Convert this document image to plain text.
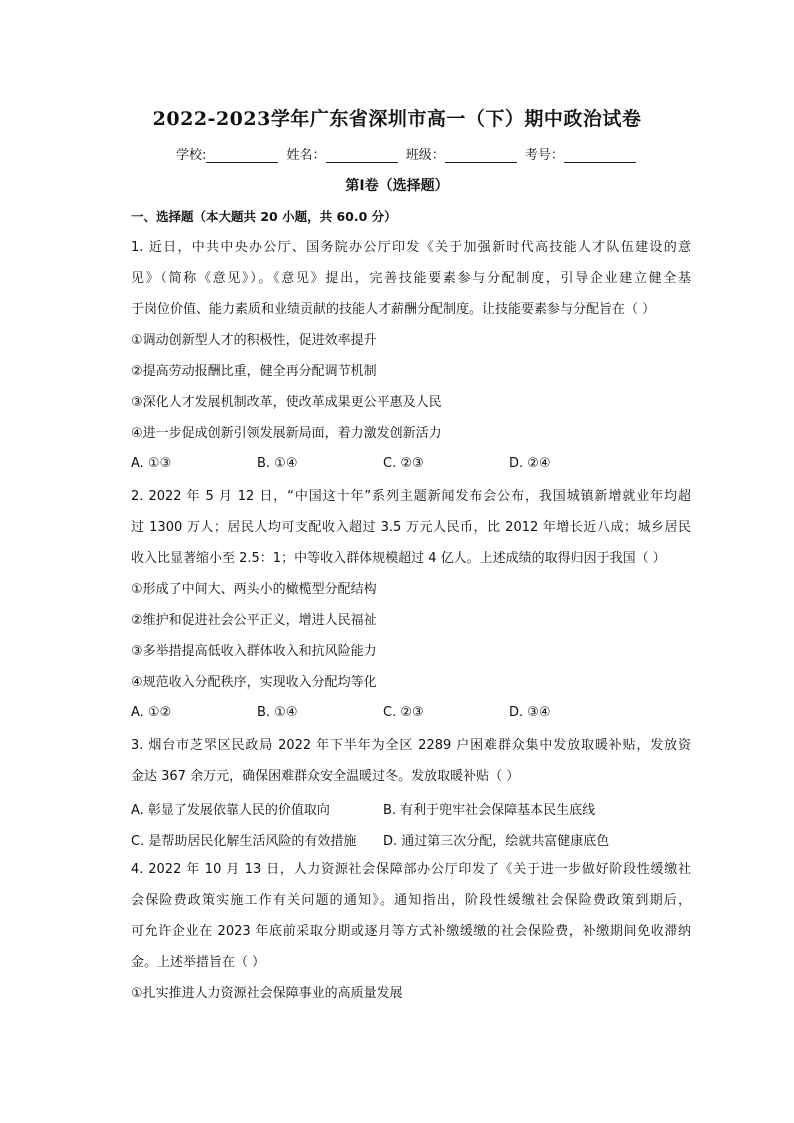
2022-2023学年广东省深圳市高一（下）期中政治试卷
学校:	姓名：	班级：	考号：
第Ⅰ卷（选择题）
一、选择题（本大题共 20 小题，共 60.0 分）
1. 近日，中共中央办公厅、国务院办公厅印发《关于加强新时代高技能人才队伍建设的意
见》（简称《意见》）。《意见》提出，完善技能要素参与分配制度，引导企业建立健全基
于岗位价值、能力素质和业绩贡献的技能人才薪酬分配制度。让技能要素参与分配旨在（ ）
①调动创新型人才的积极性，促进效率提升
②提高劳动报酬比重，健全再分配调节机制
③深化人才发展机制改革，使改革成果更公平惠及人民
④进一步促成创新引领发展新局面，着力激发创新活力
A. ①③	B. ①④	C. ②③	D. ②④
2. 2022 年 5 月 12 日，“中国这十年”系列主题新闻发布会公布，我国城镇新增就业年均超
过 1300 万人；居民人均可支配收入超过 3.5 万元人民币，比 2012 年增长近八成；城乡居民
收入比显著缩小至 2.5：1；中等收入群体规模超过 4 亿人。上述成绩的取得归因于我国（ ）
①形成了中间大、两头小的橄榄型分配结构
②维护和促进社会公平正义，增进人民福祉
③多举措提高低收入群体收入和抗风险能力
④规范收入分配秩序，实现收入分配均等化
A. ①②	B. ①④	C. ②③	D. ③④
3. 烟台市芝罘区民政局 2022 年下半年为全区 2289 户困难群众集中发放取暖补贴，发放资
金达 367 余万元，确保困难群众安全温暖过冬。发放取暖补贴（ ）
A. 彰显了发展依靠人民的价值取向	B. 有利于兜牢社会保障基本民生底线
C. 是帮助居民化解生活风险的有效措施 D. 通过第三次分配，绘就共富健康底色
4. 2022 年 10 月 13 日，人力资源社会保障部办公厅印发了《关于进一步做好阶段性缓缴社
会保险费政策实施工作有关问题的通知》。通知指出，阶段性缓缴社会保险费政策到期后，
可允许企业在 2023 年底前采取分期或逐月等方式补缴缓缴的社会保险费，补缴期间免收滞纳
金。上述举措旨在（ ）
①扎实推进人力资源社会保障事业的高质量发展
